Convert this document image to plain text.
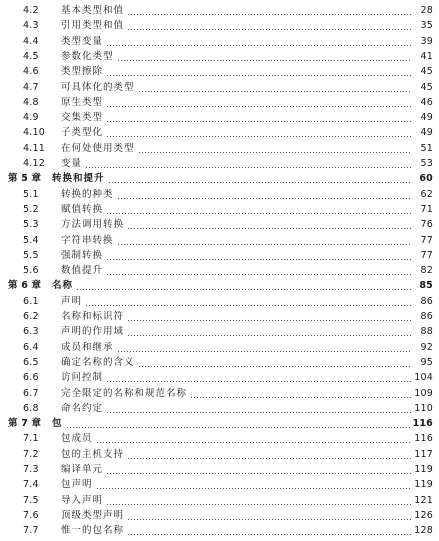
4.2	基本类型和值	28
4.3	引用类型和值	35
4.4	类型变量	39
4.5	参数化类型	41
4.6	类型擦除	45
4.7	可具体化的类型	45
4.8	原生类型	46
4.9	交集类型	49
4.10	子类型化	49
4.11	在何处使用类型	51
4.12	变量	53
第 5 章	转换和提升	60
5.1	转换的种类	62
5.2	赋值转换	71
5.3	方法调用转换	76
5.4	字符串转换	77
5.5	强制转换	77
5.6	数值提升	82
第 6 章	名称	85
6.1	声明	86
6.2	名称和标识符	86
6.3	声明的作用域	88
6.4	成员和继承	92
6.5	确定名称的含义	95
6.6	访问控制	104
6.7	完全限定的名称和规范名称	109
6.8	命名约定	110
第 7 章	包	116
7.1	包成员	116
7.2	包的主机支持	117
7.3	编译单元	119
7.4	包声明	119
7.5	导入声明	121
7.6	顶级类型声明	126
7.7	惟一的包名称	128
